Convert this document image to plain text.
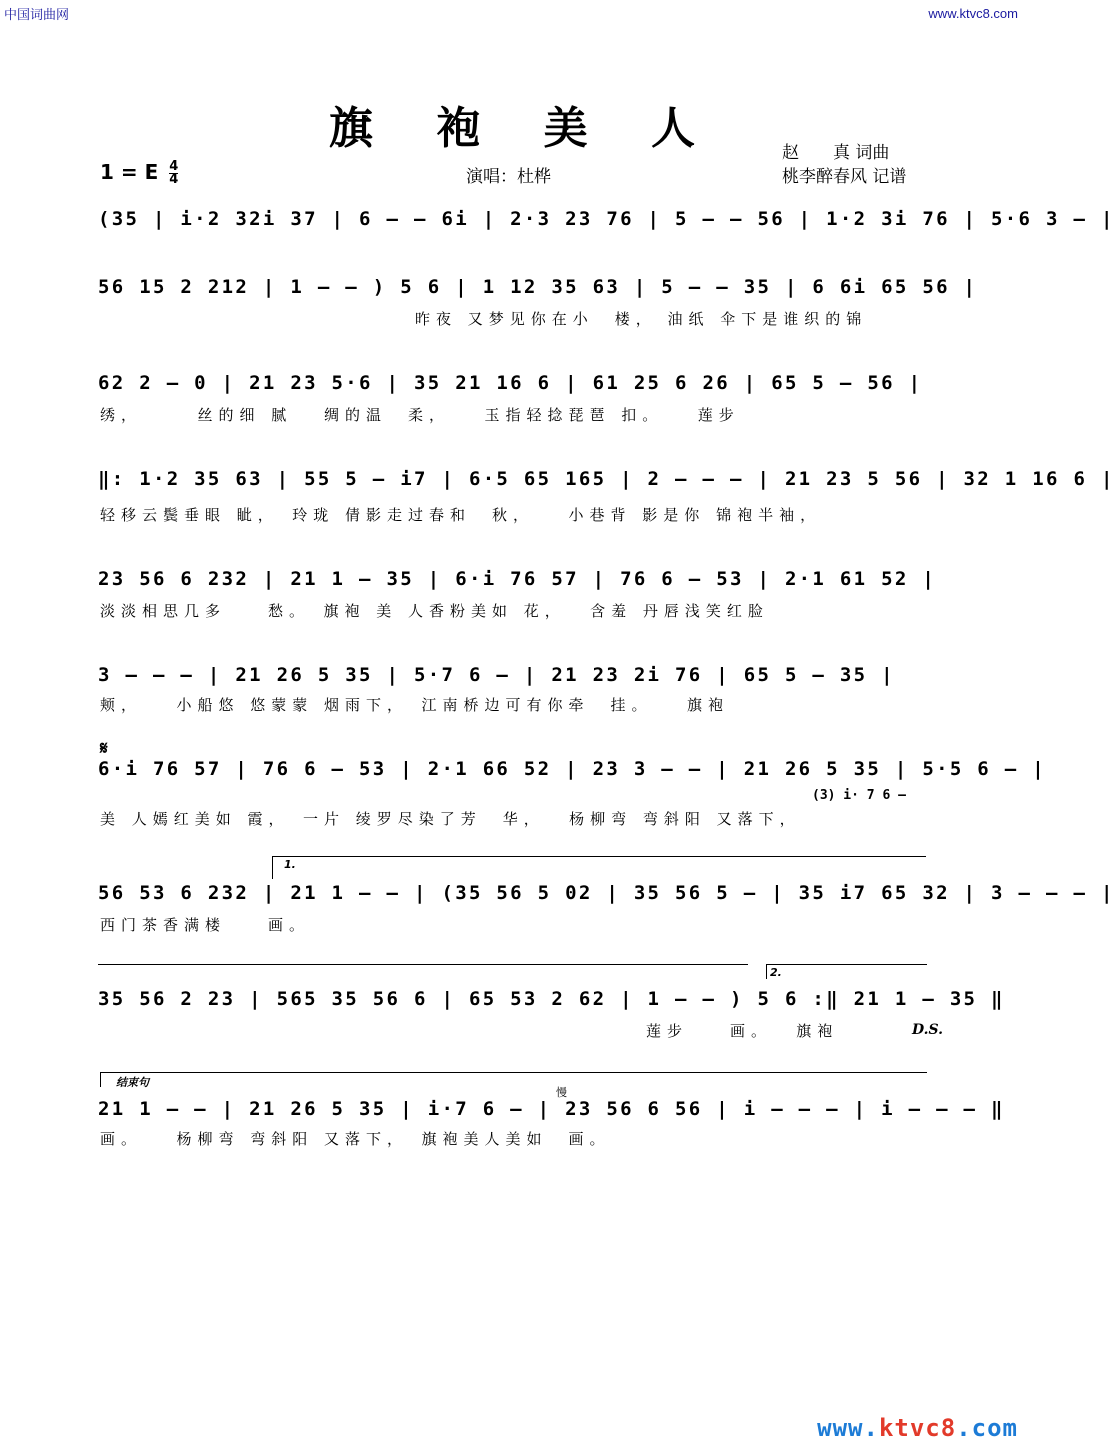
中国词曲网	www.ktvc8.com
旗 袍 美 人	赵　　真 词曲
桃李醉春风 记谱
演唱：杜桦
1 = E $\frac{4}{4}$
(35 | i·2 32i 37 | 6 – – 6i | 2·3 23 76 | 5 – – 56 | 1·2 3i 76 | 5·6 3 – |
56 15 2 212 | 1 – – ) 5 6 | 1 12 35 63 | 5 – – 35 | 6 6i 65 56 |
　　　　　　　　　　　　　　　昨夜 又梦见你在小　楼， 油纸 伞下是谁织的锦
62 2 – 0 | 21 23 5·6 | 35 21 16 6 | 61 25 6 26 | 65 5 – 56 |
绣，　　　丝的细 腻　 绸的温　柔，　　玉指轻捻琵琶 扣。　　莲步
‖: 1·2 35 63 | 55 5 – i7 | 6·5 65 165 | 2 – – – | 21 23 5 56 | 32 1 16 6 |
轻移云鬓垂眼 眦，　玲珑 倩影走过春和　秋，　　小巷背 影是你 锦袍半袖，
23 56 6 232 | 21 1 – 35 | 6·i 76 57 | 76 6 – 53 | 2·1 61 52 |
淡淡相思几多　　愁。　旗袍 美 人香粉美如 花，　 含羞 丹唇浅笑红脸
3 – – – | 21 26 5 35 | 5·7 6 – | 21 23 2i 76 | 65 5 – 35 |
颊，　　小船悠 悠蒙蒙 烟雨下，　江南桥边可有你牵　挂。　　旗袍
𝄋
6·i 76 57 | 76 6 – 53 | 2·1 66 52 | 23 3 – – | 21 26 5 35 | 5·5 6 – |
(3) i· 7 6 –
美 人嫣红美如 霞，　一片 绫罗尽染了芳　华，　 杨柳弯 弯斜阳 又落下，
1.
56 53 6 232 | 21 1 – – | (35 56 5 02 | 35 56 5 – | 35 i7 65 32 | 3 – – – |
西门茶香满楼　　画。
2.
35 56 2 23 | 565 35 56 6 | 65 53 2 62 | 1 – – ) 5 6 :‖ 21 1 – 35 ‖
　　　　　　　　　　　　　　　　　　　　　　　　　　莲步　　画。　 旗袍	D.S.
结束句
慢
21 1 – – | 21 26 5 35 | i·7 6 – | 23 56 6 56 | i – – – | i – – – ‖
画。　　杨柳弯 弯斜阳 又落下，　旗袍美人美如　画。
www.ktvc8.com
